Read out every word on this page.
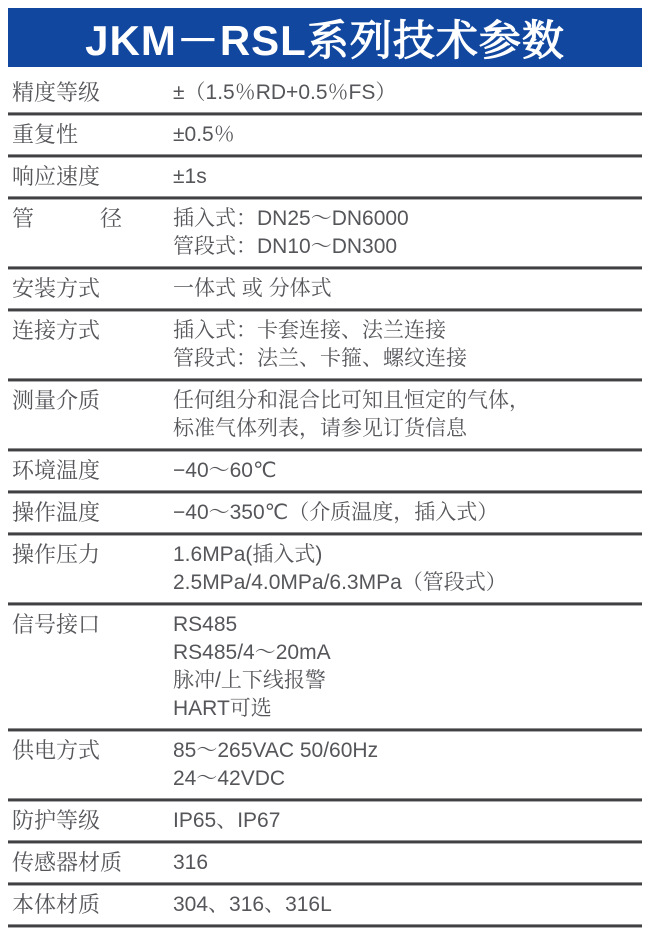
JKM－RSL系列技术参数
精度等级	±（1.5％RD+0.5％FS）
重复性	±0.5％
响应速度	±1s
管　　　径	插入式：DN25～DN6000
管段式：DN10～DN300
安装方式	一体式 或 分体式
连接方式	插入式：卡套连接、法兰连接
管段式：法兰、卡箍、螺纹连接
测量介质	任何组分和混合比可知且恒定的气体，
标准气体列表，请参见订货信息
环境温度	−40～60℃
操作温度	−40～350℃（介质温度，插入式）
操作压力	1.6MPa(插入式)
2.5MPa/4.0MPa/6.3MPa（管段式）
信号接口	RS485
RS485/4～20mA
脉冲/上下线报警
HART可选
供电方式	85～265VAC 50/60Hz
24～42VDC
防护等级	IP65、IP67
传感器材质	316
本体材质	304、316、316L
